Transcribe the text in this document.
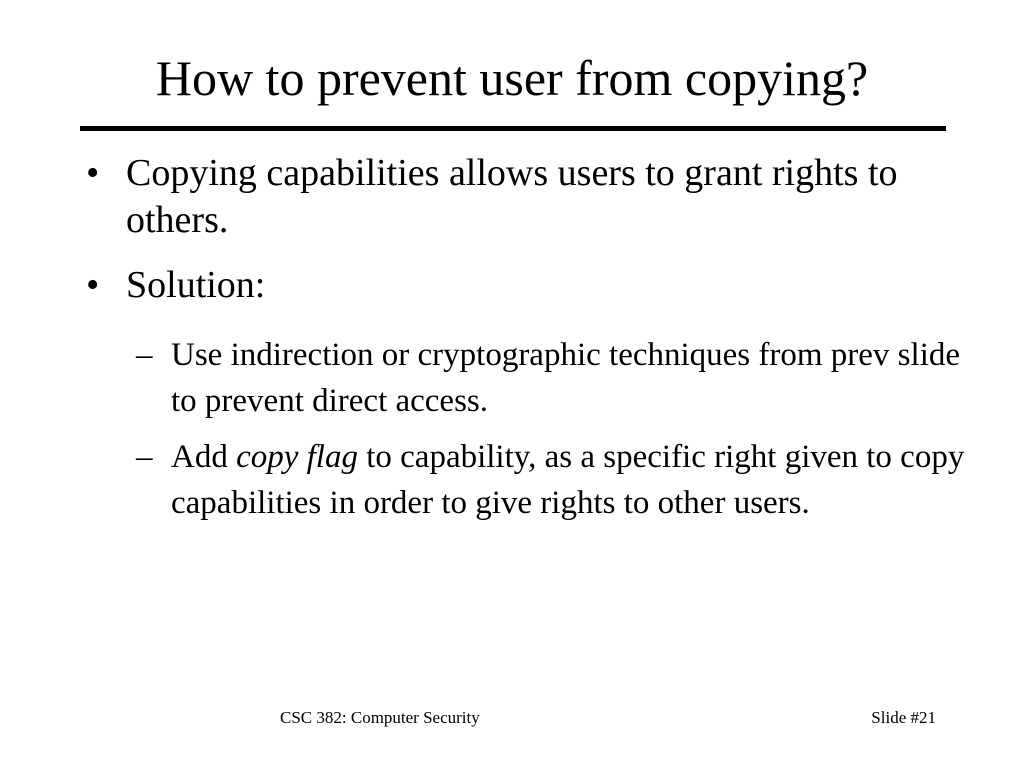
How to prevent user from copying?
• Copying capabilities allows users to grant rights to others.
• Solution:
– Use indirection or cryptographic techniques from prev slide to prevent direct access.
– Add copy flag to capability, as a specific right given to copy capabilities in order to give rights to other users.
CSC 382: Computer Security	Slide #21
